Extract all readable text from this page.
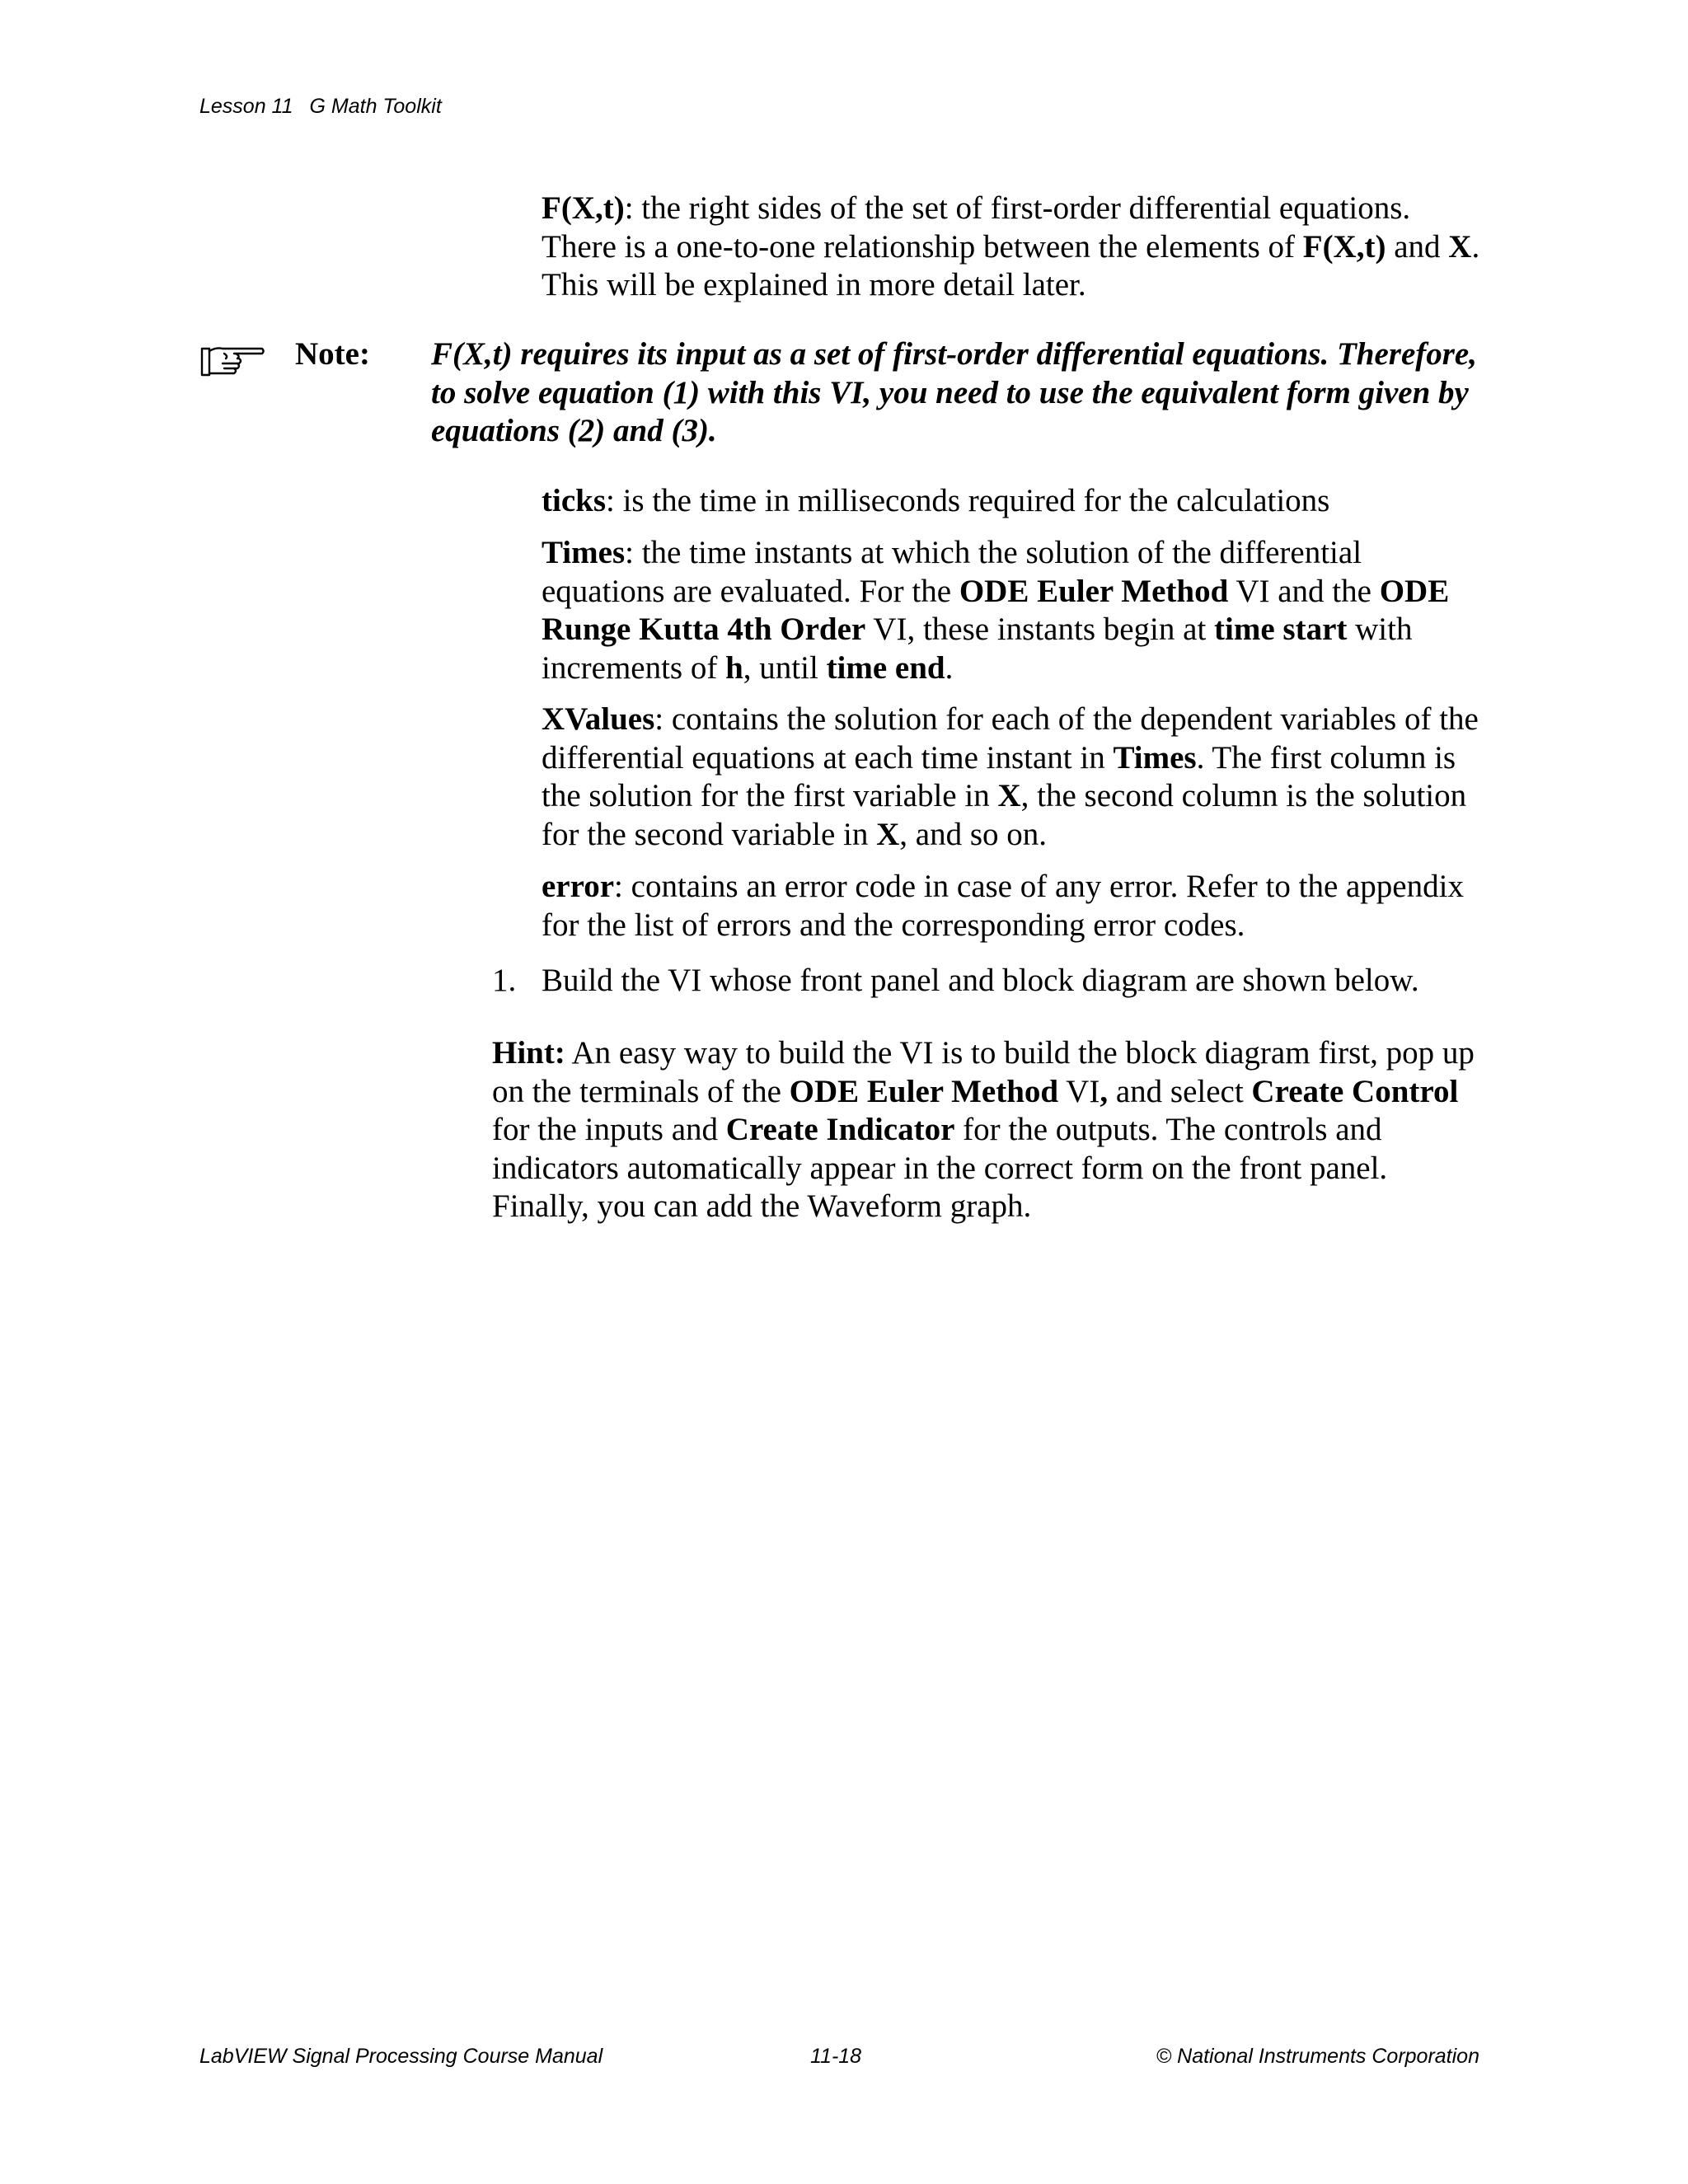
Lesson 11 G Math Toolkit
F(X,t): the right sides of the set of first-order differential equations. There is a one-to-one relationship between the elements of F(X,t) and X. This will be explained in more detail later.
Note: F(X,t) requires its input as a set of first-order differential equations. Therefore, to solve equation (1) with this VI, you need to use the equivalent form given by equations (2) and (3).
ticks: is the time in milliseconds required for the calculations
Times: the time instants at which the solution of the differential equations are evaluated. For the ODE Euler Method VI and the ODE Runge Kutta 4th Order VI, these instants begin at time start with increments of h, until time end.
XValues: contains the solution for each of the dependent variables of the differential equations at each time instant in Times. The first column is the solution for the first variable in X, the second column is the solution for the second variable in X, and so on.
error: contains an error code in case of any error. Refer to the appendix for the list of errors and the corresponding error codes.
1. Build the VI whose front panel and block diagram are shown below.
Hint: An easy way to build the VI is to build the block diagram first, pop up on the terminals of the ODE Euler Method VI, and select Create Control for the inputs and Create Indicator for the outputs. The controls and indicators automatically appear in the correct form on the front panel. Finally, you can add the Waveform graph.
LabVIEW Signal Processing Course Manual	11-18	© National Instruments Corporation
